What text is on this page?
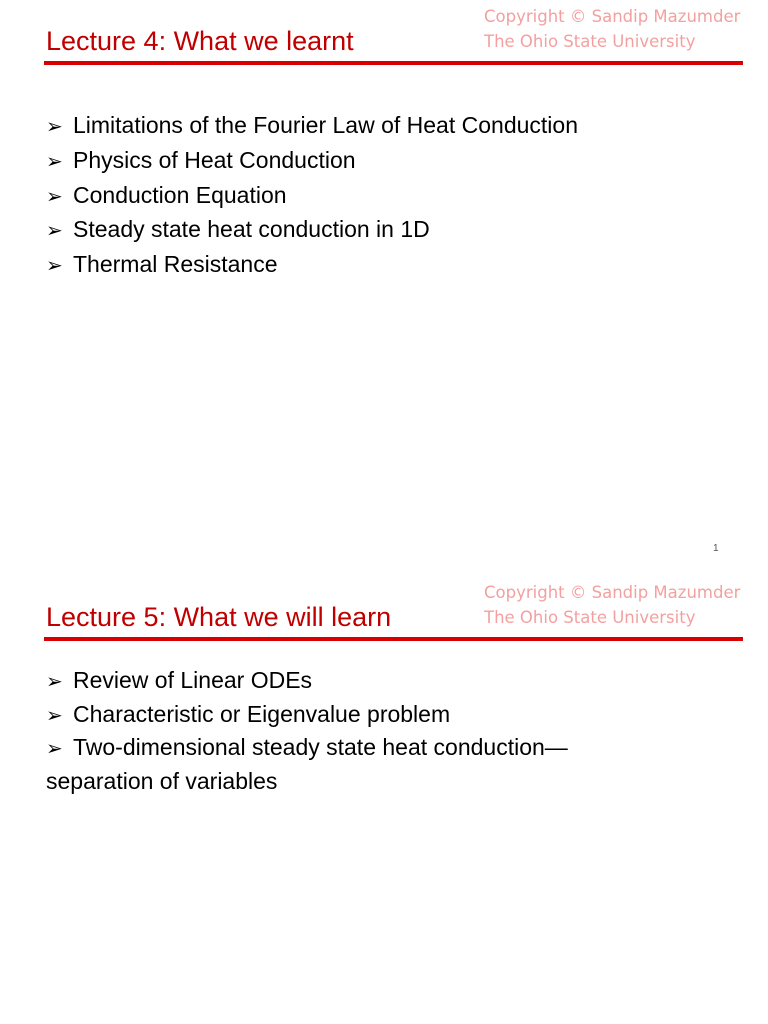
Lecture 4: What we learnt
Copyright © Sandip Mazumder
The Ohio State University
➢ Limitations of the Fourier Law of Heat Conduction
➢ Physics of Heat Conduction
➢ Conduction Equation
➢ Steady state heat conduction in 1D
➢ Thermal Resistance
1
Lecture 5: What we will learn
Copyright © Sandip Mazumder
The Ohio State University
➢ Review of Linear ODEs
➢ Characteristic or Eigenvalue problem
➢ Two-dimensional steady state heat conduction—separation of variables
